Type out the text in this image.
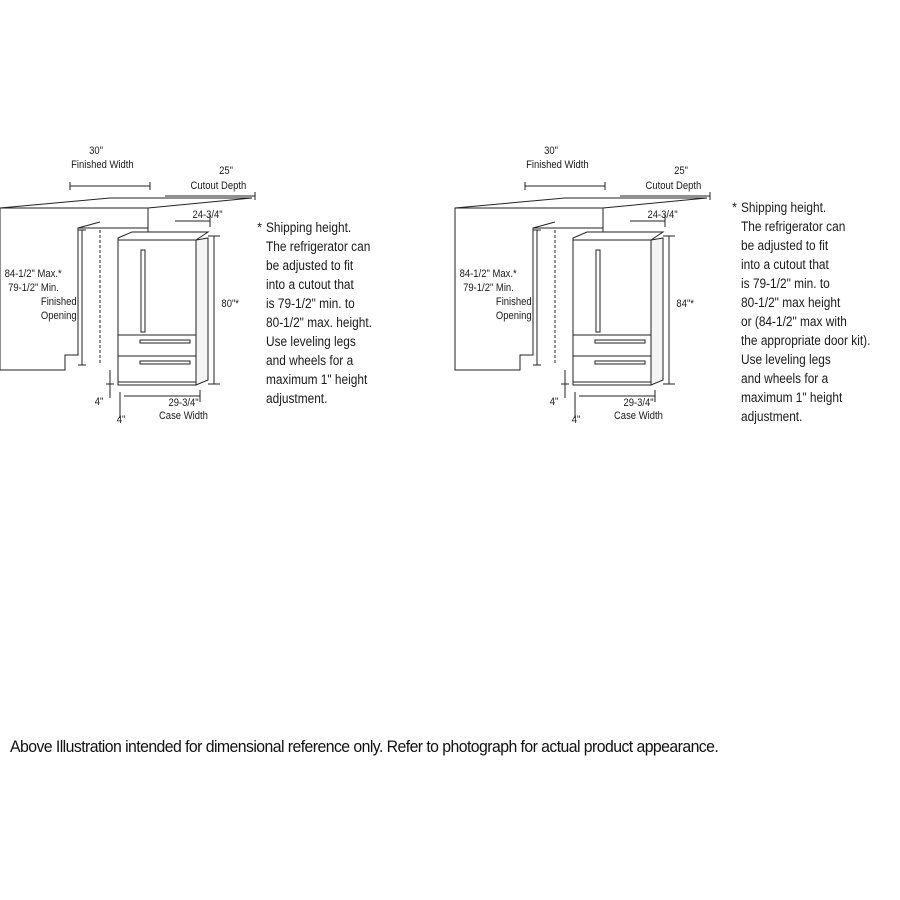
30"
Finished Width	25"
Cutout Depth
24-3/4"
84-1/2" Max.*
79-1/2" Min.
Finished
Opening
80"*
4"
4"
29-3/4"
Case Width
* Shipping height.
The refrigerator can
be adjusted to fit
into a cutout that
is 79-1/2" min. to
80-1/2" max. height.
Use leveling legs
and wheels for a
maximum 1" height
adjustment.
30"
Finished Width	25"
Cutout Depth
24-3/4"
84-1/2" Max.*
79-1/2" Min.
Finished
Opening
84"*
4"
4"
29-3/4"
Case Width
* Shipping height.
The refrigerator can
be adjusted to fit
into a cutout that
is 79-1/2" min. to
80-1/2" max height
or (84-1/2" max with
the appropriate door kit).
Use leveling legs
and wheels for a
maximum 1" height
adjustment.
Above Illustration intended for dimensional reference only. Refer to photograph for actual product appearance.
